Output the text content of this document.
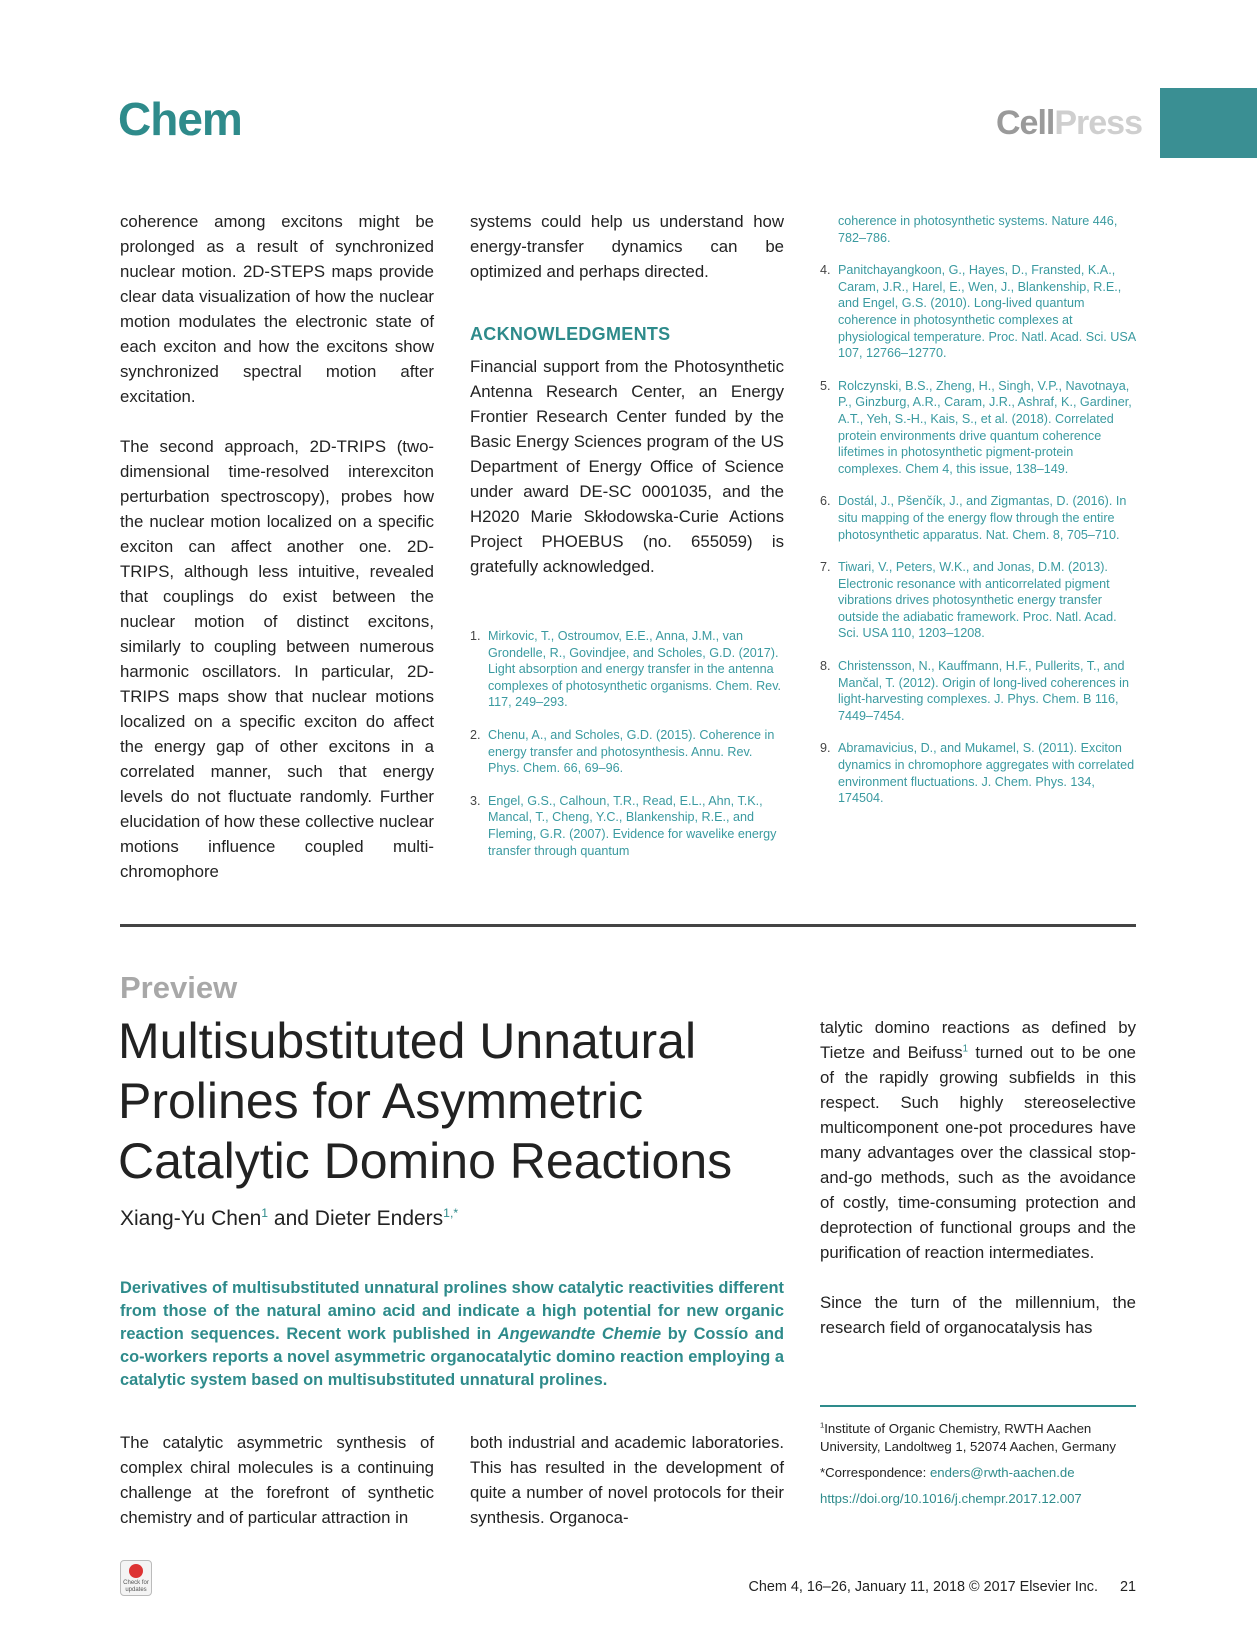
Chem	CellPress

coherence among excitons might be prolonged as a result of synchronized nuclear motion. 2D-STEPS maps provide clear data visualization of how the nuclear motion modulates the electronic state of each exciton and how the excitons show synchronized spectral motion after excitation.

The second approach, 2D-TRIPS (two-dimensional time-resolved interexciton perturbation spectroscopy), probes how the nuclear motion localized on a specific exciton can affect another one. 2D-TRIPS, although less intuitive, revealed that couplings do exist between the nuclear motion of distinct excitons, similarly to coupling between numerous harmonic oscillators. In particular, 2D-TRIPS maps show that nuclear motions localized on a specific exciton do affect the energy gap of other excitons in a correlated manner, such that energy levels do not fluctuate randomly. Further elucidation of how these collective nuclear motions influence coupled multi-chromophore

systems could help us understand how energy-transfer dynamics can be optimized and perhaps directed.

ACKNOWLEDGMENTS

Financial support from the Photosynthetic Antenna Research Center, an Energy Frontier Research Center funded by the Basic Energy Sciences program of the US Department of Energy Office of Science under award DE-SC 0001035, and the H2020 Marie Skłodowska-Curie Actions Project PHOEBUS (no. 655059) is gratefully acknowledged.

1. Mirkovic, T., Ostroumov, E.E., Anna, J.M., van Grondelle, R., Govindjee, and Scholes, G.D. (2017). Light absorption and energy transfer in the antenna complexes of photosynthetic organisms. Chem. Rev. 117, 249–293.
2. Chenu, A., and Scholes, G.D. (2015). Coherence in energy transfer and photosynthesis. Annu. Rev. Phys. Chem. 66, 69–96.
3. Engel, G.S., Calhoun, T.R., Read, E.L., Ahn, T.K., Mancal, T., Cheng, Y.C., Blankenship, R.E., and Fleming, G.R. (2007). Evidence for wavelike energy transfer through quantum
coherence in photosynthetic systems. Nature 446, 782–786.
4. Panitchayangkoon, G., Hayes, D., Fransted, K.A., Caram, J.R., Harel, E., Wen, J., Blankenship, R.E., and Engel, G.S. (2010). Long-lived quantum coherence in photosynthetic complexes at physiological temperature. Proc. Natl. Acad. Sci. USA 107, 12766–12770.
5. Rolczynski, B.S., Zheng, H., Singh, V.P., Navotnaya, P., Ginzburg, A.R., Caram, J.R., Ashraf, K., Gardiner, A.T., Yeh, S.-H., Kais, S., et al. (2018). Correlated protein environments drive quantum coherence lifetimes in photosynthetic pigment-protein complexes. Chem 4, this issue, 138–149.
6. Dostál, J., Pšenčík, J., and Zigmantas, D. (2016). In situ mapping of the energy flow through the entire photosynthetic apparatus. Nat. Chem. 8, 705–710.
7. Tiwari, V., Peters, W.K., and Jonas, D.M. (2013). Electronic resonance with anticorrelated pigment vibrations drives photosynthetic energy transfer outside the adiabatic framework. Proc. Natl. Acad. Sci. USA 110, 1203–1208.
8. Christensson, N., Kauffmann, H.F., Pullerits, T., and Mančal, T. (2012). Origin of long-lived coherences in light-harvesting complexes. J. Phys. Chem. B 116, 7449–7454.
9. Abramavicius, D., and Mukamel, S. (2011). Exciton dynamics in chromophore aggregates with correlated environment fluctuations. J. Chem. Phys. 134, 174504.
Preview
Multisubstituted Unnatural Prolines for Asymmetric Catalytic Domino Reactions
Xiang-Yu Chen$^1$ and Dieter Enders$^{1,*}$
Derivatives of multisubstituted unnatural prolines show catalytic reactivities different from those of the natural amino acid and indicate a high potential for new organic reaction sequences. Recent work published in Angewandte Chemie by Cossío and co-workers reports a novel asymmetric organocatalytic domino reaction employing a catalytic system based on multisubstituted unnatural prolines.

The catalytic asymmetric synthesis of complex chiral molecules is a continuing challenge at the forefront of synthetic chemistry and of particular attraction in

both industrial and academic laboratories. This has resulted in the development of quite a number of novel protocols for their synthesis. Organoca-

talytic domino reactions as defined by Tietze and Beifuss$^1$ turned out to be one of the rapidly growing subfields in this respect. Such highly stereoselective multicomponent one-pot procedures have many advantages over the classical stop-and-go methods, such as the avoidance of costly, time-consuming protection and deprotection of functional groups and the purification of reaction intermediates.

Since the turn of the millennium, the research field of organocatalysis has

$^1$Institute of Organic Chemistry, RWTH Aachen University, Landoltweg 1, 52074 Aachen, Germany
*Correspondence: enders@rwth-aachen.de
https://doi.org/10.1016/j.chempr.2017.12.007
Check for updates	Chem 4, 16–26, January 11, 2018 © 2017 Elsevier Inc. 21
